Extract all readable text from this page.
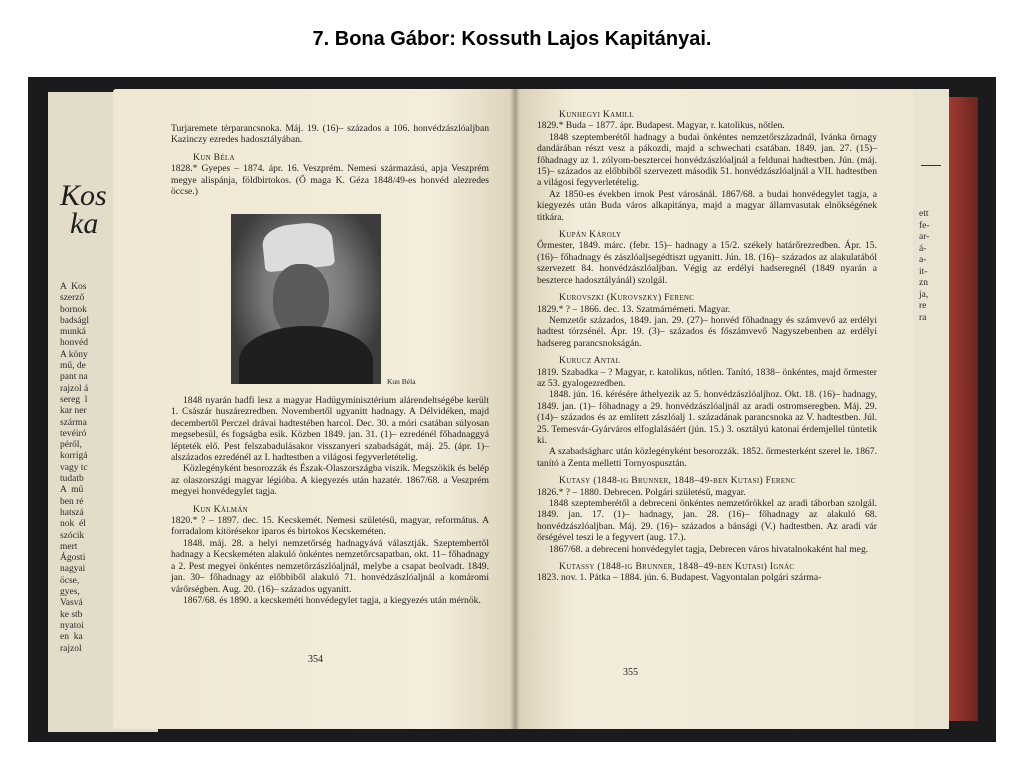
7. Bona Gábor: Kossuth Lajos Kapitányai.
ett
fe-
ar-
á-
a-
it-
zn
ja,
re
ra
Kos
ka
A  Kos
szerző
bornok
badságl
munká
honvéd
A köny
mű, de
pant na
rajzol á
sereg  l
kar ner
szárma
tevéiró
péről,
korrigá
vagy tc
tudatb
A  mű
ben ré
hatszá
nok  él
szócik
mert
Ágosti
nagyai
öcse,
gyes,
Vasvá
ke stb
nyatoi
en  ka
rajzol

Turjaremete térparancsnoka. Máj. 19. (16)– százados a 106. honvédzászlóaljban Kazinczy ezredes hadosztályában.

Kun Béla

1828.* Gyepes – 1874. ápr. 16. Veszprém. Nemesi származású, apja Veszprém megye alispánja, földbirtokos. (Ő maga K. Géza 1848/49-es honvéd alezredes öccse.)

1848 nyarán hadfi lesz a magyar Hadügyminisztérium alárendeltségébe került 1. Császár huszárezredben. Novembertől ugyanitt hadnagy. A Délvidéken, majd decembertől Perczel drávai hadtestében harcol. Dec. 30. a móri csatában súlyosan megsebesül, és fogságba esik. Közben 1849. jan. 31. (1)– ezredénél főhadnaggyá lépteték elő. Pest felszabadulásakor visszanyeri szabadságát, máj. 25. (ápr. 1)– alszázados ezredénél az I. hadtestben a világosi fegyverletételig.

Közlegényként besorozzák és Észak-Olaszországba viszik. Megszökik és belép az olaszországi magyar légióba. A kiegyezés után hazatér. 1867/68. a Veszprém megyei honvédegylet tagja.

Kun Kálmán

1820.* ? – 1897. dec. 15. Kecskemét. Nemesi születésű, magyar, református. A forradalom kitörésekor iparos és birtokos Kecskeméten.

1848. máj. 28. a helyi nemzetőrség hadnagyává választják. Szeptembertől hadnagy a Kecskeméten alakuló önkéntes nemzetőrcsapatban, okt. 11– főhadnagy a 2. Pest megyei önkéntes nemzetőrzászlóaljnál, melybe a csapat beolvadt. 1849. jan. 30– főhadnagy az előbbiből alakuló 71. honvédzászlóaljnál a komáromi várőrségben. Aug. 20. (16)– százados ugyanitt.

1867/68. és 1890. a kecskeméti honvédegylet tagja, a kiegyezés után mérnök.

354
Kun Béla

Kunhegyi Kamill

1829.* Buda – 1877. ápr. Budapest. Magyar, r. katolikus, nőtlen.

1848 szeptemberétől hadnagy a budai önkéntes nemzetőrszázadnál, Ivánka őrnagy dandárában részt vesz a pákozdi, majd a schwechati csatában. 1849. jan. 27. (15)– főhadnagy az 1. zólyom-besztercei honvédzászlóaljnál a feldunai hadtestben. Jún. (máj. 15)– százados az előbbiből szervezett második 51. honvédzászlóaljnál a VII. hadtestben a világosi fegyverletételig.

Az 1850-es években írnok Pest városánál. 1867/68. a budai honvédegylet tagja, a kiegyezés után Buda város alkapitánya, majd a magyar államvasutak elnökségének titkára.

Kupán Károly

Őrmester, 1849. márc. (febr. 15)– hadnagy a 15/2. székely határőrezredben. Ápr. 15. (16)– főhadnagy és zászlóaljsegédtiszt ugyanitt. Jún. 18. (16)– százados az alakulatából szervezett 84. honvédzászlóaljban. Végig az erdélyi hadseregnél (1849 nyarán a beszterce hadosztályánál) szolgál.

Kurovszki (Kurovszky) Ferenc

1829.* ? – 1866. dec. 13. Szatmárnémeti. Magyar.

Nemzetőr százados, 1849. jan. 29. (27)– honvéd főhadnagy és számvevő az erdélyi hadtest törzsénél. Ápr. 19. (3)– százados és főszámvevő Nagyszebenben az erdélyi hadsereg parancsnokságán.

Kurucz Antal

1819. Szabadka – ? Magyar, r. katolikus, nőtlen. Tanító, 1838– önkéntes, majd őrmester az 53. gyalogezredben.

1848. jún. 16. kérésére áthelyezik az 5. honvédzászlóaljhoz. Okt. 18. (16)– hadnagy, 1849. jan. (1)– főhadnagy a 29. honvédzászlóaljnál az aradi ostromseregben. Máj. 29. (14)– százados és az említett zászlóalj 1. századának parancsnoka az V. hadtestben. Júl. 25. Temesvár-Gyárváros elfoglalásáért (jún. 15.) 3. osztályú katonai érdemjellel tüntetik ki.

A szabadságharc után közlegényként besorozzák. 1852. őrmesterként szerel le. 1867. tanító a Zenta melletti Tornyospusztán.

Kutasy (1848-ig Brunner, 1848–49-ben Kutasi) Ferenc

1826.* ? – 1880. Debrecen. Polgári születésű, magyar.

1848 szeptemberétől a debreceni önkéntes nemzetőrökkel az aradi táborban szolgál. 1849. jan. 17. (1)– hadnagy, jan. 28. (16)– főhadnagy az alakuló 68. honvédzászlóaljban. Máj. 29. (16)– százados a bánsági (V.) hadtestben. Az aradi vár őrségével teszi le a fegyvert (aug. 17.).

1867/68. a debreceni honvédegylet tagja, Debrecen város hivatalnokaként hal meg.

Kutassy (1848-ig Brunner, 1848–49-ben Kutasi) Ignác

1823. nov. 1. Pátka – 1884. jún. 6. Budapest. Vagyontalan polgári szárma-

355
